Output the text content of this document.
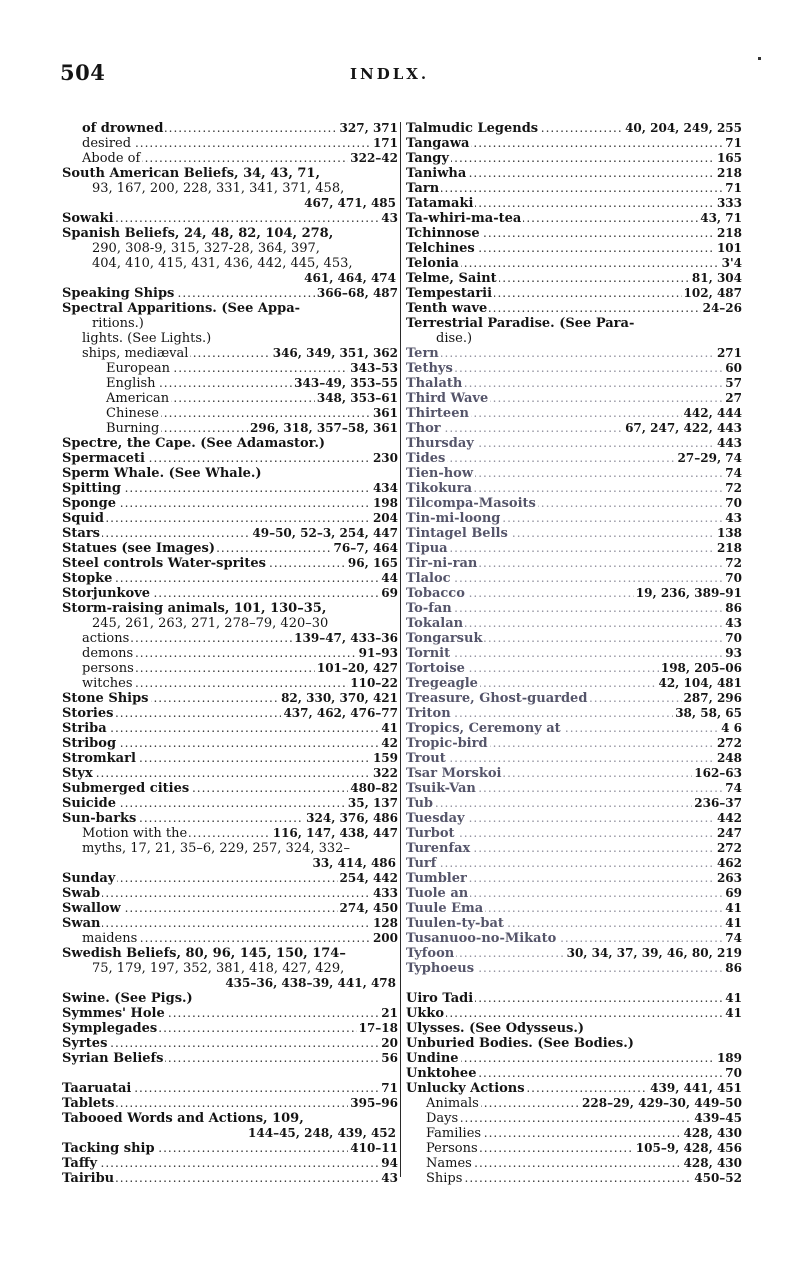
504	INDLX.
..... of drowned	327, 371
..... desired	171
..... Abode of	322–42
South American Beliefs, 34, 43, 71,
93, 167, 200, 228, 331, 341, 371, 458,
467, 471, 485
..... Sowaki	43
Spanish Beliefs, 24, 48, 82, 104, 278,
290, 308-9, 315, 327-28, 364, 397,
404, 410, 415, 431, 436, 442, 445, 453,
461, 464, 474
..... Speaking Ships	366–68, 487
Spectral Apparitions. (See Appa-
ritions.)
lights. (See Lights.)
..... ships, mediæval	346, 349, 351, 362
..... European	343–53
..... English	343–49, 353–55
..... American	348, 353–61
..... Chinese	361
..... Burning	296, 318, 357–58, 361
Spectre, the Cape. (See Adamastor.)
..... Spermaceti	230
Sperm Whale. (See Whale.)
..... Spitting	434
..... Sponge	198
..... Squid	204
..... Stars	49–50, 52–3, 254, 447
..... Statues (see Images)	76–7, 464
..... Steel controls Water-sprites	96, 165
..... Stopke	44
..... Storjunkove	69
Storm-raising animals, 101, 130–35,
245, 261, 263, 271, 278–79, 420–30
..... actions	139–47, 433–36
..... demons	91–93
..... persons	101–20, 427
..... witches	110–22
..... Stone Ships	82, 330, 370, 421
..... Stories	437, 462, 476–77
..... Striba	41
..... Stribog	42
..... Stromkarl	159
..... Styx	322
..... Submerged cities	480–82
..... Suicide	35, 137
..... Sun-barks	324, 376, 486
..... Motion with the	116, 147, 438, 447
myths, 17, 21, 35–6, 229, 257, 324, 332–
33, 414, 486
..... Sunday	254, 442
..... Swab	433
..... Swallow	274, 450
..... Swan	128
..... maidens	200
Swedish Beliefs, 80, 96, 145, 150, 174–
75, 179, 197, 352, 381, 418, 427, 429,
435–36, 438–39, 441, 478
Swine. (See Pigs.)
..... Symmes' Hole	21
..... Symplegades	17–18
..... Syrtes	20
..... Syrian Beliefs	56
..... Taaruatai	71
..... Tablets	395–96
Tabooed Words and Actions, 109,
144–45, 248, 439, 452
..... Tacking ship	410–11
..... Taffy	94
..... Tairibu	43
..... Talmudic Legends	40, 204, 249, 255
..... Tangawa	71
..... Tangy	165
..... Taniwha	218
..... Tarn	71
..... Tatamaki	333
..... Ta-whiri-ma-tea	43, 71
..... Tchinnose	218
..... Telchines	101
..... Telonia	3'4
..... Telme, Saint	81, 304
..... Tempestarii	102, 487
..... Tenth wave	24–26
Terrestrial Paradise. (See Para-
dise.)
..... Tern	271
..... Tethys	60
..... Thalath	57
..... Third Wave	27
..... Thirteen	442, 444
..... Thor	67, 247, 422, 443
..... Thursday	443
..... Tides	27–29, 74
..... Tien-how	74
..... Tikokura	72
..... Tilcompa-Masoits	70
..... Tin-mi-loong	43
..... Tintagel Bells	138
..... Tipua	218
..... Tir-ni-ran	72
..... Tlaloc	70
..... Tobacco	19, 236, 389–91
..... To-fan	86
..... Tokalan	43
..... Tongarsuk	70
..... Tornit	93
..... Tortoise	198, 205–06
..... Tregeagle	42, 104, 481
..... Treasure, Ghost-guarded	287, 296
..... Triton	38, 58, 65
..... Tropics, Ceremony at	4 6
..... Tropic-bird	272
..... Trout	248
..... Tsar Morskoi	162–63
..... Tsuik-Van	74
..... Tub	236–37
..... Tuesday	442
..... Turbot	247
..... Turenfax	272
..... Turf	462
..... Tumbler	263
..... Tuole an	69
..... Tuule Ema	41
..... Tuulen-ty-bat	41
..... Tusanuoo-no-Mikato	74
..... Tyfoon	30, 34, 37, 39, 46, 80, 219
..... Typhoeus	86
..... Uiro Tadi	41
..... Ukko	41
Ulysses. (See Odysseus.)
Unburied Bodies. (See Bodies.)
..... Undine	189
..... Unktohee	70
..... Unlucky Actions	439, 441, 451
..... Animals	228–29, 429–30, 449–50
..... Days	439–45
..... Families	428, 430
..... Persons	105–9, 428, 456
..... Names	428, 430
..... Ships	450–52
